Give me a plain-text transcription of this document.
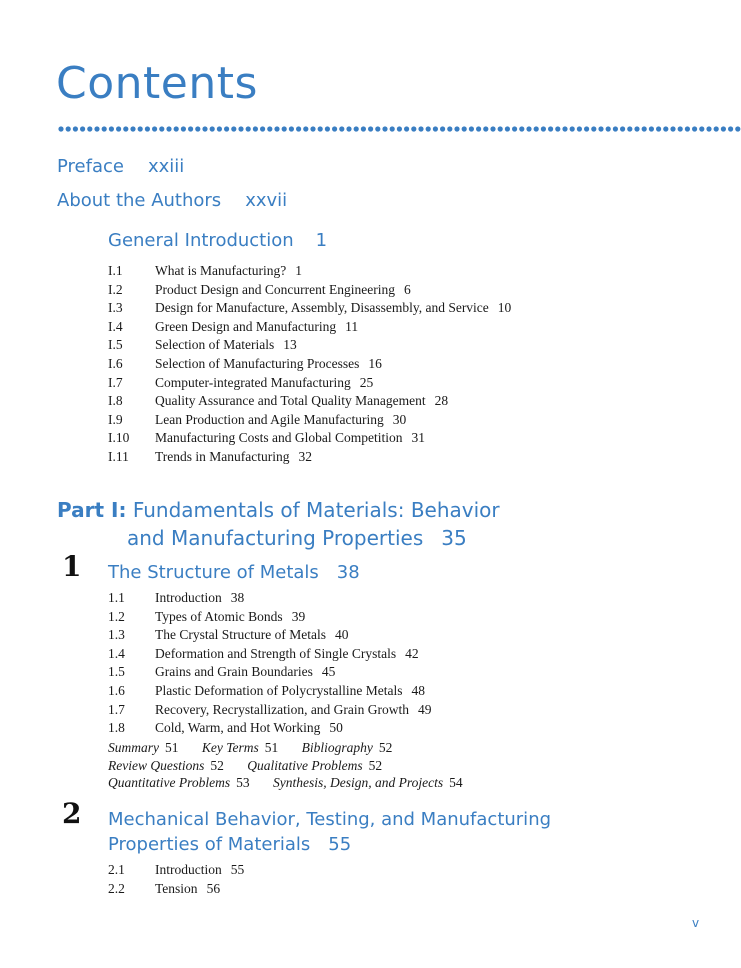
Contents
Preface xxiii
About the Authors xxvii
General Introduction 1
I.1 What is Manufacturing? 1
I.2 Product Design and Concurrent Engineering 6
I.3 Design for Manufacture, Assembly, Disassembly, and Service 10
I.4 Green Design and Manufacturing 11
I.5 Selection of Materials 13
I.6 Selection of Manufacturing Processes 16
I.7 Computer-integrated Manufacturing 25
I.8 Quality Assurance and Total Quality Management 28
I.9 Lean Production and Agile Manufacturing 30
I.10 Manufacturing Costs and Global Competition 31
I.11 Trends in Manufacturing 32
Part I: Fundamentals of Materials: Behavior
and Manufacturing Properties 35
1 The Structure of Metals 38
1.1 Introduction 38
1.2 Types of Atomic Bonds 39
1.3 The Crystal Structure of Metals 40
1.4 Deformation and Strength of Single Crystals 42
1.5 Grains and Grain Boundaries 45
1.6 Plastic Deformation of Polycrystalline Metals 48
1.7 Recovery, Recrystallization, and Grain Growth 49
1.8 Cold, Warm, and Hot Working 50
Summary 51 Key Terms 51 Bibliography 52
Review Questions 52 Qualitative Problems 52
Quantitative Problems 53 Synthesis, Design, and Projects 54
2 Mechanical Behavior, Testing, and Manufacturing
Properties of Materials 55
2.1 Introduction 55
2.2 Tension 56
v
